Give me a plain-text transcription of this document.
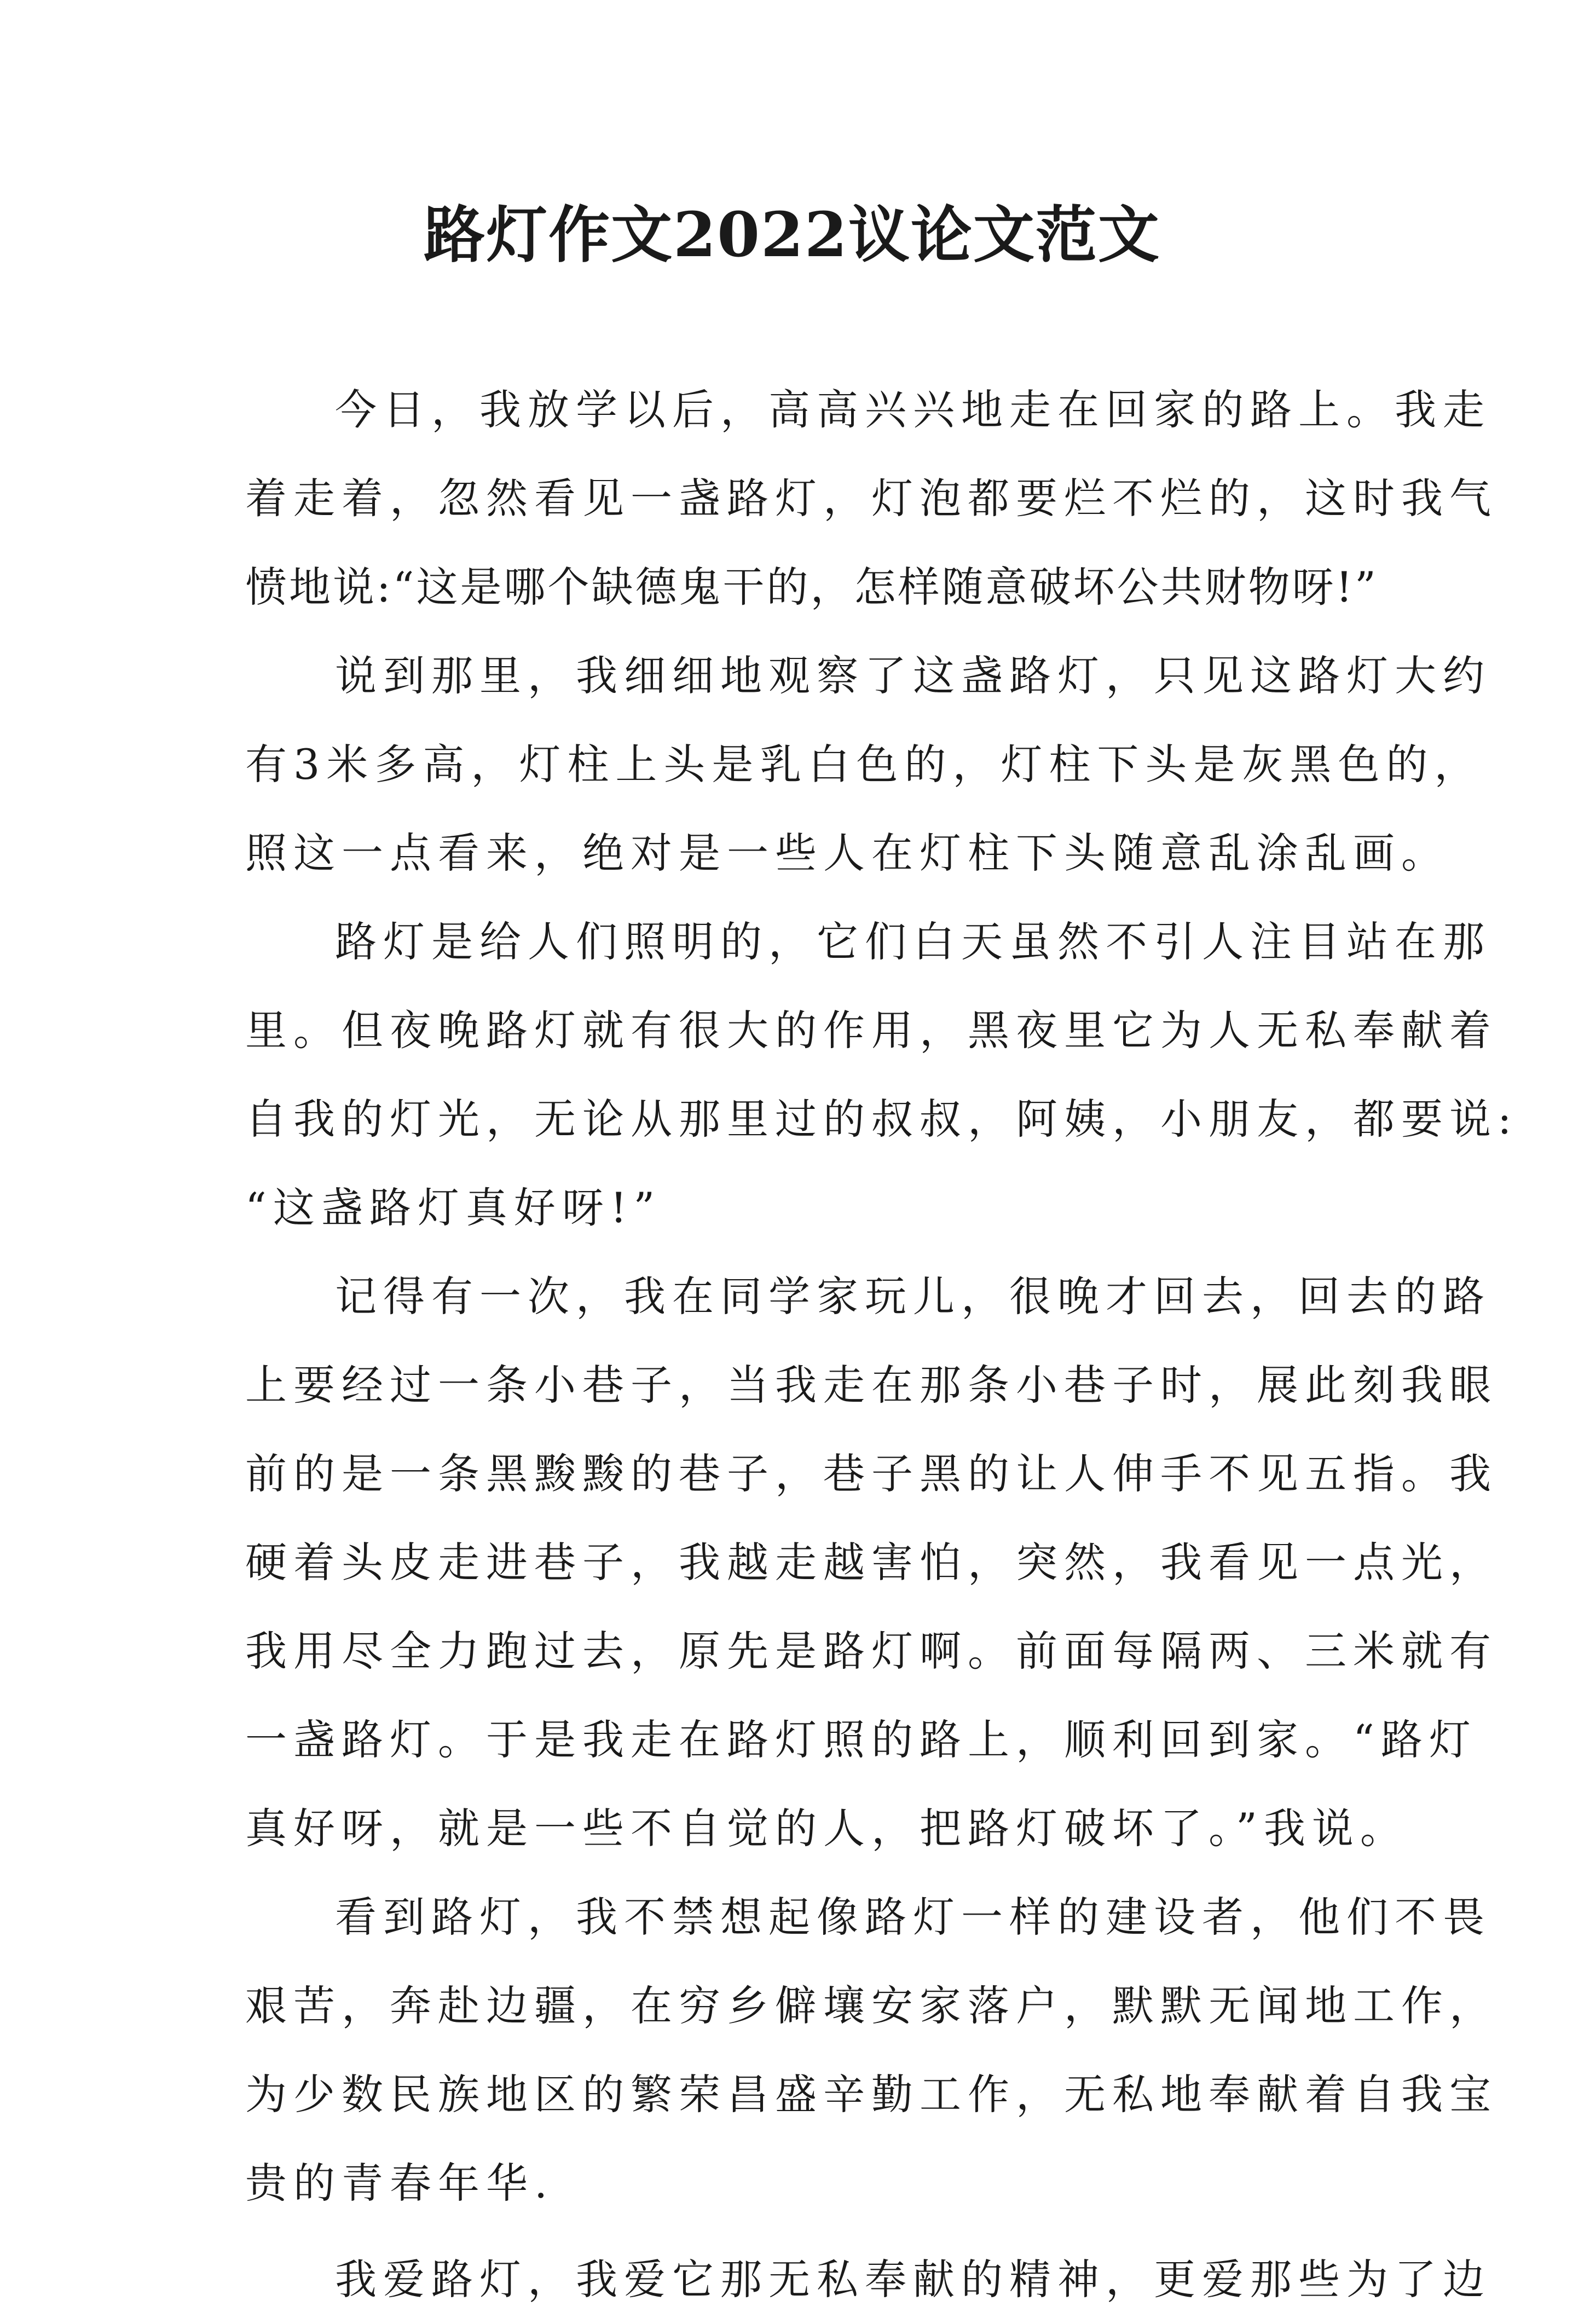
路灯作文2022议论文范文

今日，我放学以后，高高兴兴地走在回家的路上。我走

着走着，忽然看见一盏路灯，灯泡都要烂不烂的，这时我气

愤地说:“这是哪个缺德鬼干的，怎样随意破坏公共财物呀!”

说到那里，我细细地观察了这盏路灯，只见这路灯大约

有3米多高，灯柱上头是乳白色的，灯柱下头是灰黑色的，

照这一点看来，绝对是一些人在灯柱下头随意乱涂乱画。

路灯是给人们照明的，它们白天虽然不引人注目站在那

里。但夜晚路灯就有很大的作用，黑夜里它为人无私奉献着

自我的灯光，无论从那里过的叔叔，阿姨，小朋友，都要说:

“这盏路灯真好呀!”

记得有一次，我在同学家玩儿，很晚才回去，回去的路

上要经过一条小巷子，当我走在那条小巷子时，展此刻我眼

前的是一条黑黢黢的巷子，巷子黑的让人伸手不见五指。我

硬着头皮走进巷子，我越走越害怕，突然，我看见一点光，

我用尽全力跑过去，原先是路灯啊。前面每隔两、三米就有

一盏路灯。于是我走在路灯照的路上，顺利回到家。“路灯

真好呀，就是一些不自觉的人，把路灯破坏了。”我说。

看到路灯，我不禁想起像路灯一样的建设者，他们不畏

艰苦，奔赴边疆，在穷乡僻壤安家落户，默默无闻地工作，

为少数民族地区的繁荣昌盛辛勤工作，无私地奉献着自我宝

贵的青春年华.

我爱路灯，我爱它那无私奉献的精神，更爱那些为了边
